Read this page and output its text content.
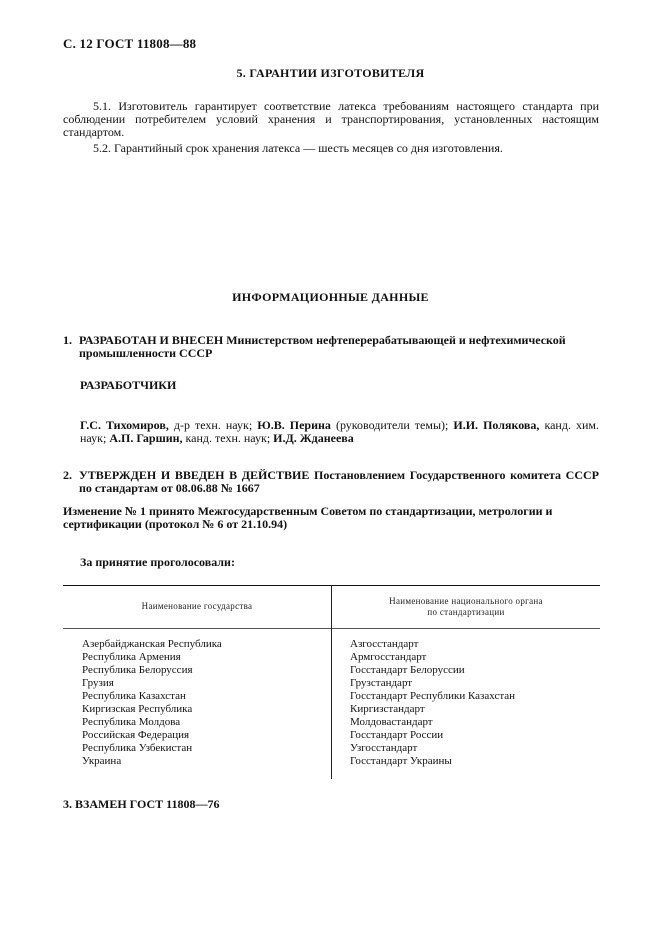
С. 12 ГОСТ 11808—88
5. ГАРАНТИИ ИЗГОТОВИТЕЛЯ
5.1. Изготовитель гарантирует соответствие латекса требованиям настоящего стандарта при соблюдении потребителем условий хранения и транспортирования, установленных настоящим стандартом.
5.2. Гарантийный срок хранения латекса — шесть месяцев со дня изготовления.
ИНФОРМАЦИОННЫЕ ДАННЫЕ
1. РАЗРАБОТАН И ВНЕСЕН Министерством нефтеперерабатывающей и нефтехимической промышленности СССР
РАЗРАБОТЧИКИ
Г.С. Тихомиров, д-р техн. наук; Ю.В. Перина (руководители темы); И.И. Полякова, канд. хим. наук; А.П. Гаршин, канд. техн. наук; И.Д. Жданеева
2. УТВЕРЖДЕН И ВВЕДЕН В ДЕЙСТВИЕ Постановлением Государственного комитета СССР по стандартам от 08.06.88 № 1667
Изменение № 1 принято Межгосударственным Советом по стандартизации, метрологии и сертификации (протокол № 6 от 21.10.94)
За принятие проголосовали:
Наименование государства	Наименование национального органа
по стандартизации
Азербайджанская Республика
Республика Армения
Республика Белоруссия
Грузия
Республика Казахстан
Киргизская Республика
Республика Молдова
Российская Федерация
Республика Узбекистан
Украина
Азгосстандарт
Армгосстандарт
Госстандарт Белоруссии
Грузстандарт
Госстандарт Республики Казахстан
Киргизстандарт
Молдовастандарт
Госстандарт России
Узгосстандарт
Госстандарт Украины
3. ВЗАМЕН ГОСТ 11808—76
